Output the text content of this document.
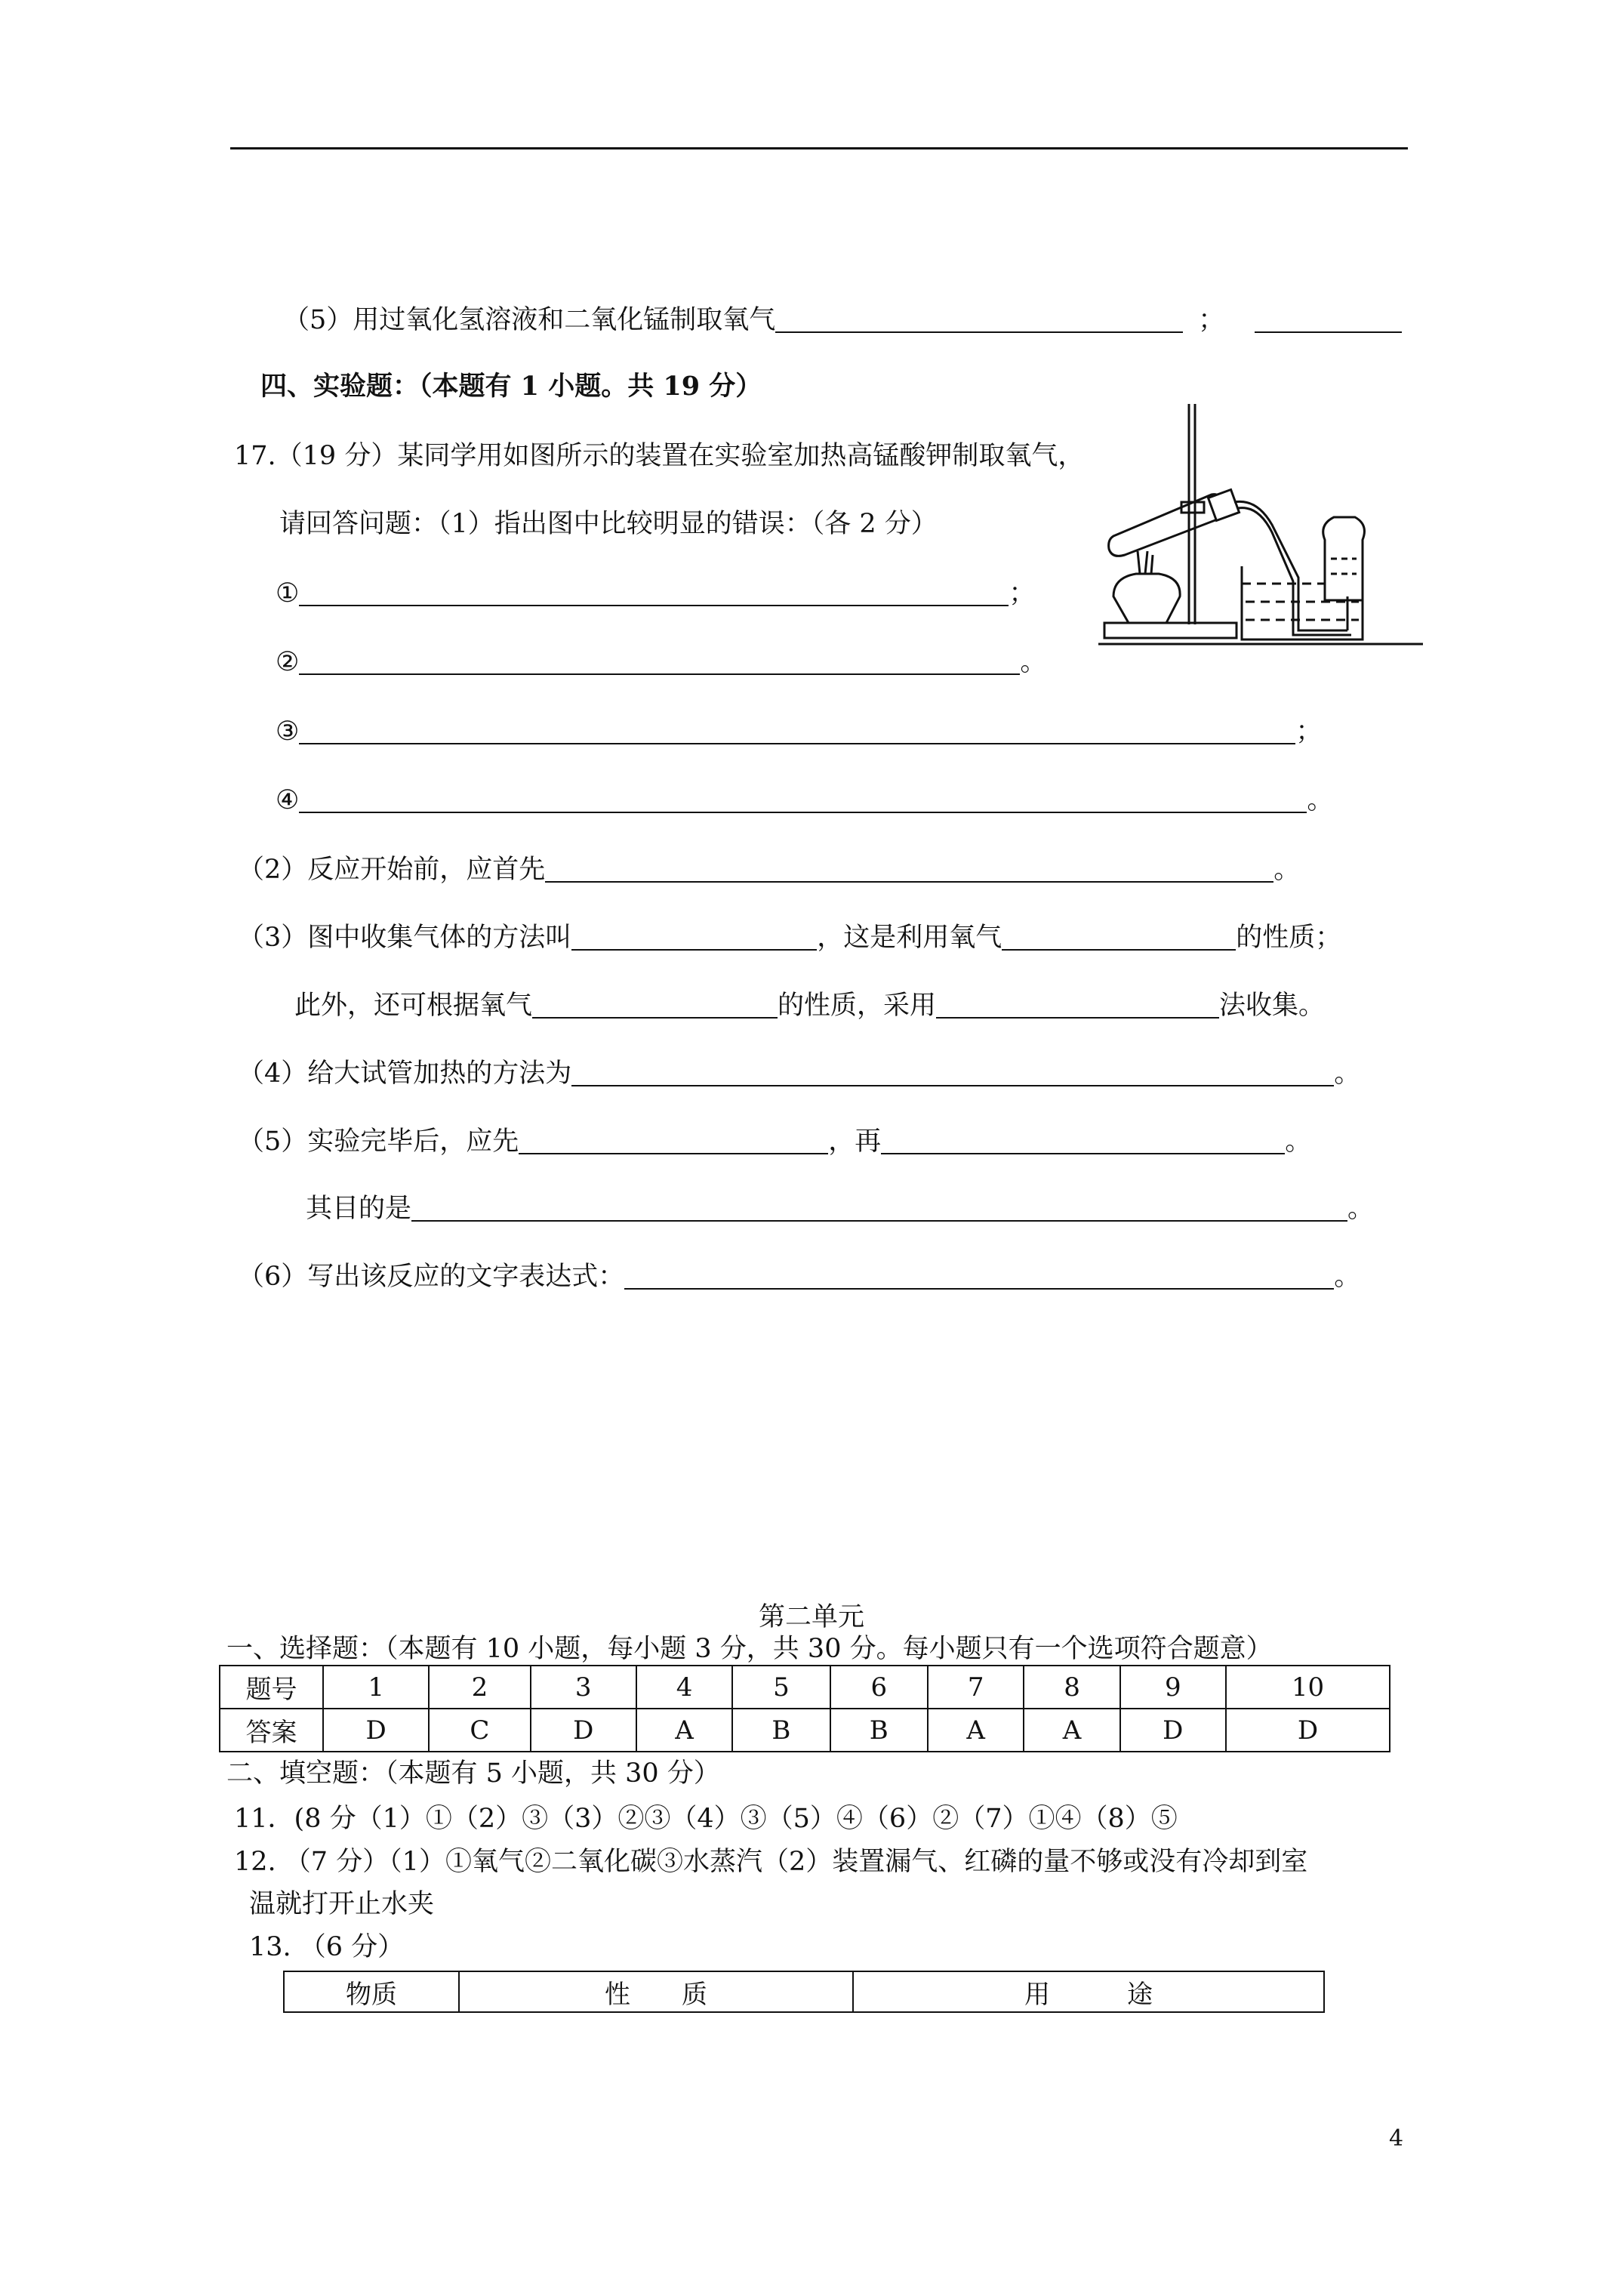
（5）用过氧化氢溶液和二氧化锰制取氧气	；
四、实验题：（本题有 1 小题。共 19 分）
17.（19 分）某同学用如图所示的装置在实验室加热高锰酸钾制取氧气，
请回答问题：（1）指出图中比较明显的错误：（各 2 分）
①	；
②	。
③	；
④	。
（2）反应开始前，应首先	。
（3）图中收集气体的方法叫	，这是利用氧气	的性质；
此外，还可根据氧气	的性质，采用	法收集。
（4）给大试管加热的方法为	。
（5）实验完毕后，应先	，再	。
其目的是	。
（6）写出该反应的文字表达式：	。
第二单元
一、选择题：（本题有 10 小题，每小题 3 分，共 30 分。每小题只有一个选项符合题意）
题号	1	2	3	4	5	6	7	8	9	10
答案	D	C	D	A	B	B	A	A	D	D
二、填空题：（本题有 5 小题，共 30 分）
11．(8 分（1）①（2）③（3）②③（4）③（5）④（6）②（7）①④（8）⑤
12. （7 分）（1）①氧气②二氧化碳③水蒸汽（2）装置漏气、红磷的量不够或没有冷却到室
温就打开止水夹
13. （6 分）
物质	性　　质	用　　　途
4
